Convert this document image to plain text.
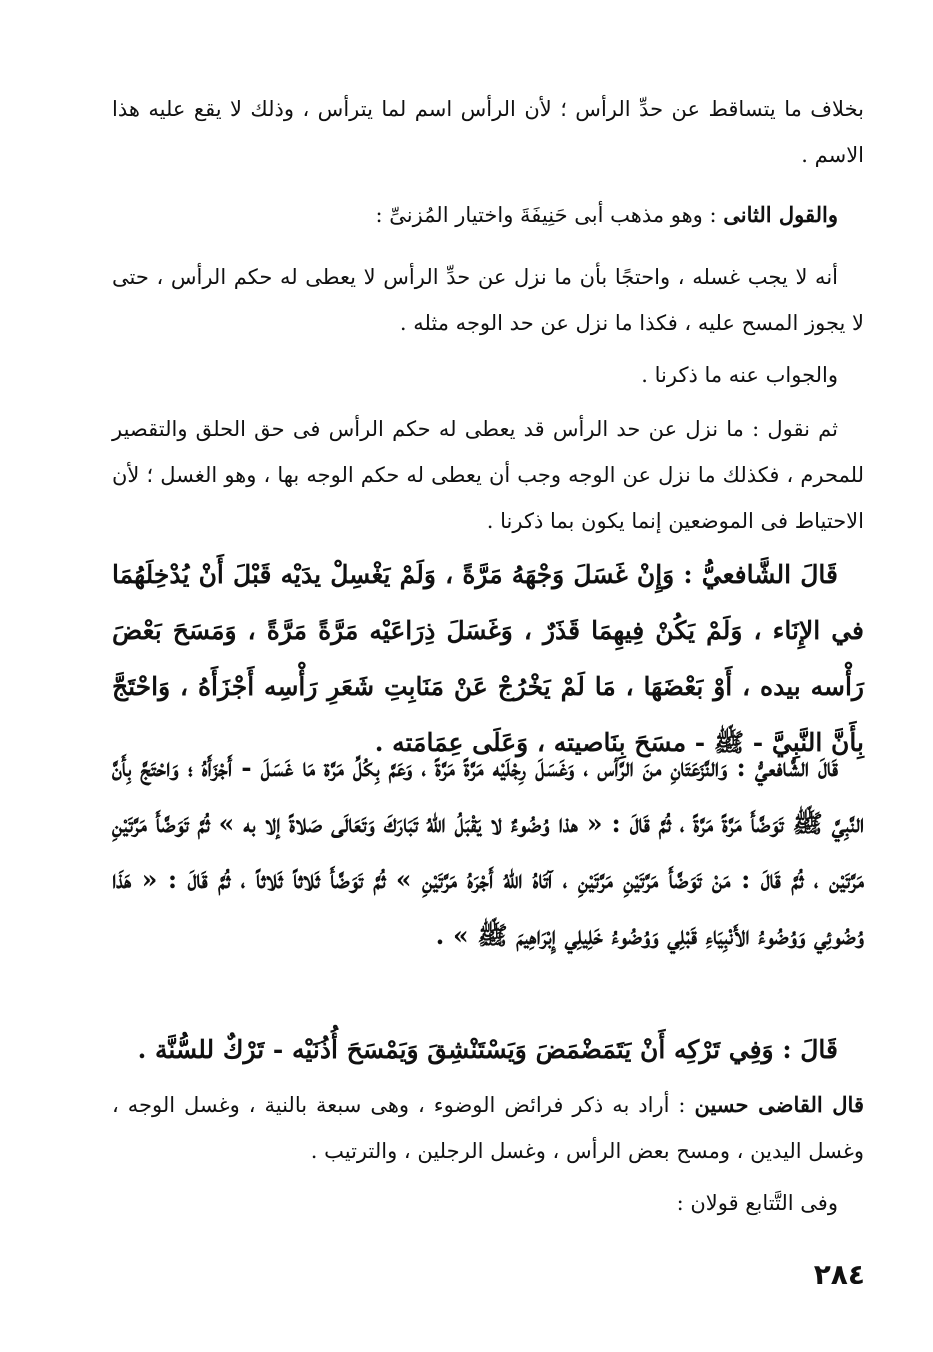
بخلاف ما يتساقط عن حدِّ الرأس ؛ لأن الرأس اسم لما يترأس ، وذلك لا يقع عليه هذا الاسم .

والقول الثانى : وهو مذهب أبى حَنِيفَةَ واختيار المُزنىِّ :

أنه لا يجب غسله ، واحتجًا بأن ما نزل عن حدِّ الرأس لا يعطى له حكم الرأس ، حتى لا يجوز المسح عليه ، فكذا ما نزل عن حد الوجه مثله .

والجواب عنه ما ذكرنا .

ثم نقول : ما نزل عن حد الرأس قد يعطى له حكم الرأس فى حق الحلق والتقصير للمحرم ، فكذلك ما نزل عن الوجه وجب أن يعطى له حكم الوجه بها ، وهو الغسل ؛ لأن الاحتياط فى الموضعين إنما يكون بما ذكرنا .

قَالَ الشَّافعيُّ : وَإِنْ غَسَلَ وَجْهَهُ مَرَّةً ، وَلَمْ يَغْسِلْ يدَيْه قَبْلَ أَنْ يُدْخِلَهُمَا في الإِنَاء ، وَلَمْ يَكُنْ فِيهِمَا قَذَرٌ ، وَغَسَلَ ذِرَاعَيْه مَرَّةً مَرَّةً ، وَمَسَحَ بَعْضَ رَأْسه بيده ، أَوْ بَعْضَهَا ، مَا لَمْ يَخْرُجْ عَنْ مَنَابِتِ شَعَرِ رَأْسِه أَجْزَأَهُ ، وَاحْتَجَّ بِأَنَّ النَّبِيَّ - ﷺ - مسَحَ بِنَاصيته ، وَعَلَى عِمَامَته .

قَالَ الشَّافعيُّ : وَالنَّزَعَتَانِ منَ الرَّأس ، وَغَسَلَ رِجْلَيْه مَرَّةً مَرَّةً ، وَعَمَّ بِكُلِّ مَرَّة مَا غَسَلَ - أَجْزَأَهُ ؛ وَاحْتَجَّ بِأَنَّ النَّبِيَّ ﷺ تَوَضَّأَ مَرَّةً مَرَّةً ، ثُمَّ قَالَ : « هذا وُضُوءٌ لا يَقْبَلُ اللهُ تَبَارَكَ وَتَعَالَى صَلاةً إلا به » ثُمَّ تَوَضَّأَ مَرَّتَيْنِ مَرَّتَيْن ، ثُمَّ قَالَ : مَنْ تَوَضَّأَ مَرَّتَيْنِ مَرَّتَيْنِ ، آتَاهُ اللهُ أَجْرَهُ مَرَّتَيْنِ » ثُمَّ تَوَضَّأَ ثَلاثاً ثَلاثاً ، ثُمَّ قَالَ : « هَذَا وُضُوئِي وَوُضُوءُ الأَنْبِيَاءِ قَبْلِي وَوُضُوءُ خَلِيلِي إِبْرَاهِيمَ ﷺ » .

قَالَ : وَفِي تَرْكِه أَنْ يَتَمَضْمَضَ وَيَسْتَنْشِقَ وَيَمْسَحَ أُذُنَيْه - تَرْكٌ للسُّنَّة .

قال القاضى حسين : أراد به ذكر فرائض الوضوء ، وهى سبعة بالنية ، وغسل الوجه ، وغسل اليدين ، ومسح بعض الرأس ، وغسل الرجلين ، والترتيب .

وفى التَّتابع قولان :

٢٨٤
